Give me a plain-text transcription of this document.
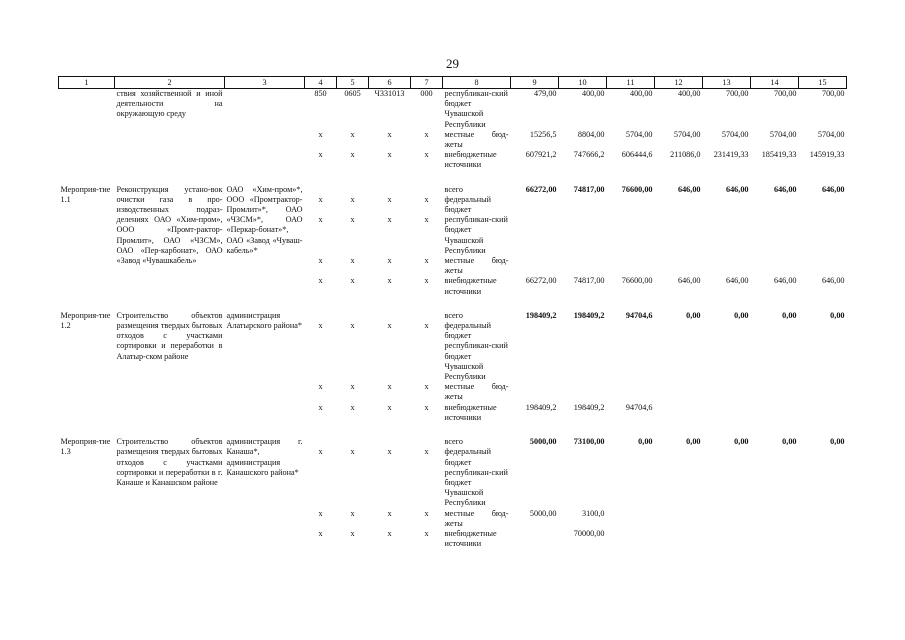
29
1	2	3	4	5	6	7	8	9	10	11	12	13	14	15
	ствия хозяйственной и иной деятельности на окружающую среду		850	0605	Ч331013	000	республикан-ский бюджет Чувашской Республики	479,00	400,00	400,00	400,00	700,00	700,00	700,00
			x	x	x	x	местные бюд-жеты	15256,5	8804,00	5704,00	5704,00	5704,00	5704,00	5704,00
			x	x	x	x	внебюджетные источники	607921,2	747666,2	606444,6	211086,0	231419,33	185419,33	145919,33

Мероприя-тие 1.1	Реконструкция устано-вок очистки газа в про-изводственных подраз-делениях ОАО «Хим-пром», ООО «Промт-рактор-Промлит», ОАО «ЧЗСМ», ОАО «Пер-карбонат», ОАО «Завод «Чувашкабель»	ОАО «Хим-пром»*, ООО «Промтрактор-Промлит»*, ОАО «ЧЗСМ»*, ОАО «Перкар-бонат»*, ОАО «Завод «Чуваш-кабель»*					всего	66272,00	74817,00	76600,00	646,00	646,00	646,00	646,00
			x	x	x	x	федеральный бюджет							
			x	x	x	x	республикан-ский бюджет Чувашской Республики							
			x	x	x	x	местные бюд-жеты							
			x	x	x	x	внебюджетные источники	66272,00	74817,00	76600,00	646,00	646,00	646,00	646,00

Мероприя-тие 1.2	Строительство объектов размещения твердых бытовых отходов с участками сортировки и переработки в Алатыр-ском районе	администрация Алатырского района*					всего	198409,2	198409,2	94704,6	0,00	0,00	0,00	0,00
			x	x	x	x	федеральный бюджет							
							республикан-ский бюджет Чувашской Республики							
			x	x	x	x	местные бюд-жеты							
			x	x	x	x	внебюджетные источники	198409,2	198409,2	94704,6				

Мероприя-тие 1.3	Строительство объектов размещения твердых бытовых отходов с участками сортировки и переработки в г. Канаше и Канашском районе	администрация г. Канаша*, администрация Канашского района*					всего	5000,00	73100,00	0,00	0,00	0,00	0,00	0,00
			x	x	x	x	федеральный бюджет							
							республикан-ский бюджет Чувашской Республики							
			x	x	x	x	местные бюд-жеты	5000,00	3100,0					
			x	x	x	x	внебюджетные источники		70000,00					
